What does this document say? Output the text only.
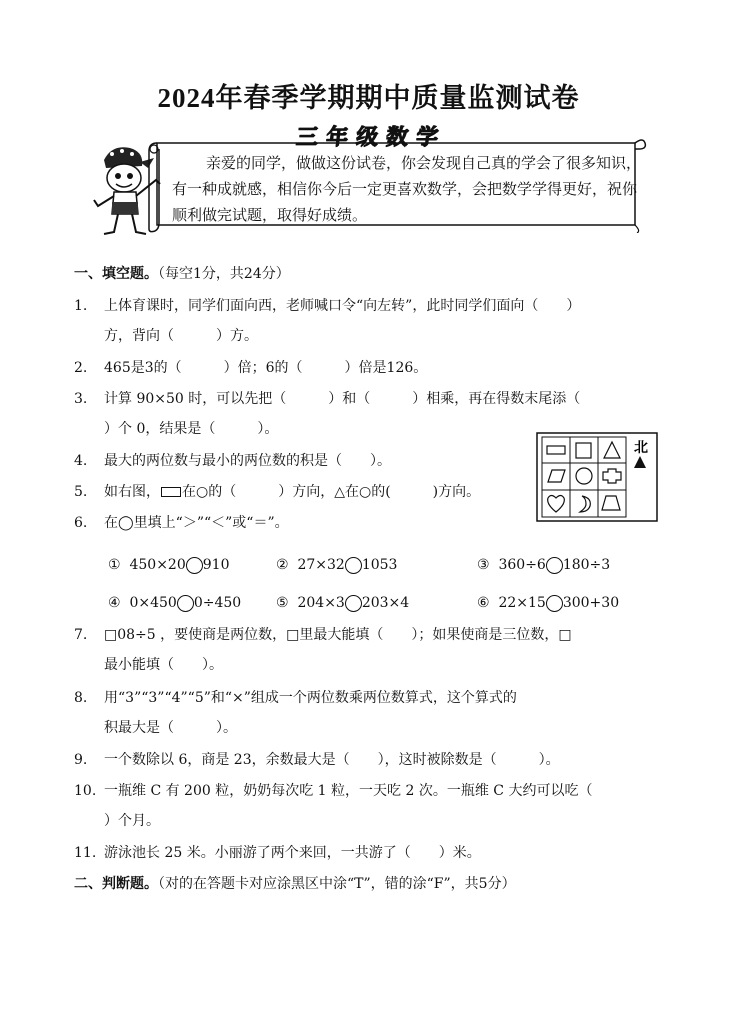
2024年春季学期期中质量监测试卷
三年级数学
亲爱的同学，做做这份试卷，你会发现自己真的学会了很多知识，有一种成就感，相信你今后一定更喜欢数学，会把数学学得更好，祝你顺利做完试题，取得好成绩。
一、填空题。（每空1分，共24分）
1. 上体育课时，同学们面向西，老师喊口令“向左转”，此时同学们面向（　　）
方，背向（　　　）方。
2. 465是3的（　　　）倍；6的（　　　）倍是126。
3. 计算 90×50 时，可以先把（　　　）和（　　　）相乘，再在得数末尾添（
）个 0，结果是（　　　）。
4. 最大的两位数与最小的两位数的积是（　　）。
5. 如右图， 在○的（　　　）方向，△在○的(　　　)方向。
北
6. 在◯里填上“＞”“＜”或“＝”。
① 450×20 910	② 27×32 1053	③ 360÷6 180÷3
④ 0×450 0÷450 ⑤ 204×3 203×4	⑥ 22×15 300+30
7. □08÷5 ，要使商是两位数，□里最大能填（　　）；如果使商是三位数，□
最小能填（　　）。
8. 用“3”“3”“4”“5”和“×”组成一个两位数乘两位数算式，这个算式的
积最大是（　　　）。
9. 一个数除以 6，商是 23，余数最大是（　　），这时被除数是（　　　）。
10. 一瓶维 C 有 200 粒，奶奶每次吃 1 粒，一天吃 2 次。一瓶维 C 大约可以吃（
）个月。
11. 游泳池长 25 米。小丽游了两个来回，一共游了（　　）米。
二、判断题。（对的在答题卡对应涂黑区中涂“T”，错的涂“F”，共5分）
